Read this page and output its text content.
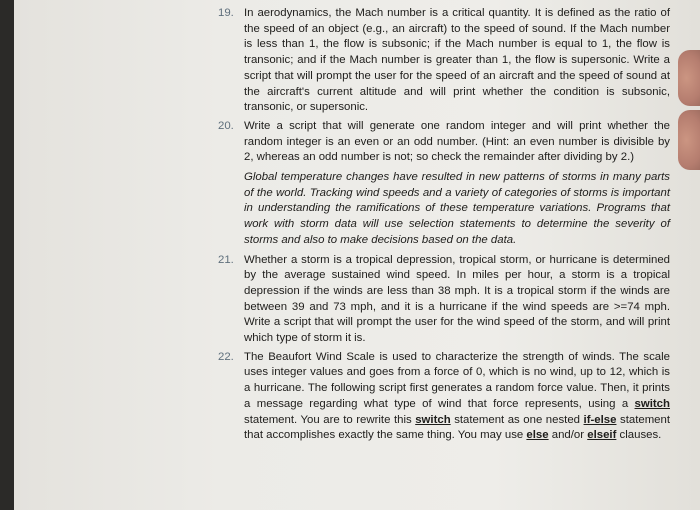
19. In aerodynamics, the Mach number is a critical quantity. It is defined as the ratio of the speed of an object (e.g., an aircraft) to the speed of sound. If the Mach number is less than 1, the flow is subsonic; if the Mach number is equal to 1, the flow is transonic; and if the Mach number is greater than 1, the flow is supersonic. Write a script that will prompt the user for the speed of an aircraft and the speed of sound at the aircraft's current altitude and will print whether the condition is subsonic, transonic, or supersonic.
20. Write a script that will generate one random integer and will print whether the random integer is an even or an odd number. (Hint: an even number is divisible by 2, whereas an odd number is not; so check the remainder after dividing by 2.)
Global temperature changes have resulted in new patterns of storms in many parts of the world. Tracking wind speeds and a variety of categories of storms is important in understanding the ramifications of these temperature variations. Programs that work with storm data will use selection statements to determine the severity of storms and also to make decisions based on the data.
21. Whether a storm is a tropical depression, tropical storm, or hurricane is determined by the average sustained wind speed. In miles per hour, a storm is a tropical depression if the winds are less than 38 mph. It is a tropical storm if the winds are between 39 and 73 mph, and it is a hurricane if the wind speeds are >=74 mph. Write a script that will prompt the user for the wind speed of the storm, and will print which type of storm it is.
22. The Beaufort Wind Scale is used to characterize the strength of winds. The scale uses integer values and goes from a force of 0, which is no wind, up to 12, which is a hurricane. The following script first generates a random force value. Then, it prints a message regarding what type of wind that force represents, using a switch statement. You are to rewrite this switch statement as one nested if-else statement that accomplishes exactly the same thing. You may use else and/or elseif clauses.
